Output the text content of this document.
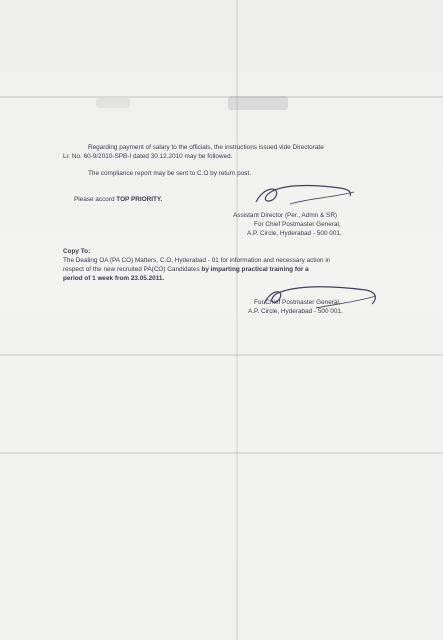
Regarding payment of salary to the officials, the instructions issued vide Directorate
Lr. No. 60-9/2010-SPB-I dated 30.12.2010 may be followed.
The compliance report may be sent to C.O by return post.
Please accord TOP PRIORITY.
Assistant Director (Per., Admn & SR)
For Chief Postmaster General,
A.P. Circle, Hyderabad - 500 001.
Copy To:
The Dealing OA (PA CO) Matters, C.O, Hyderabad - 01 for information and necessary action in
respect of the new recruited PA(CO) Candidates by imparting practical training for a
period of 1 week from 23.05.2011.
For Chief Postmaster General,
A.P. Circle, Hyderabad - 500 001.
